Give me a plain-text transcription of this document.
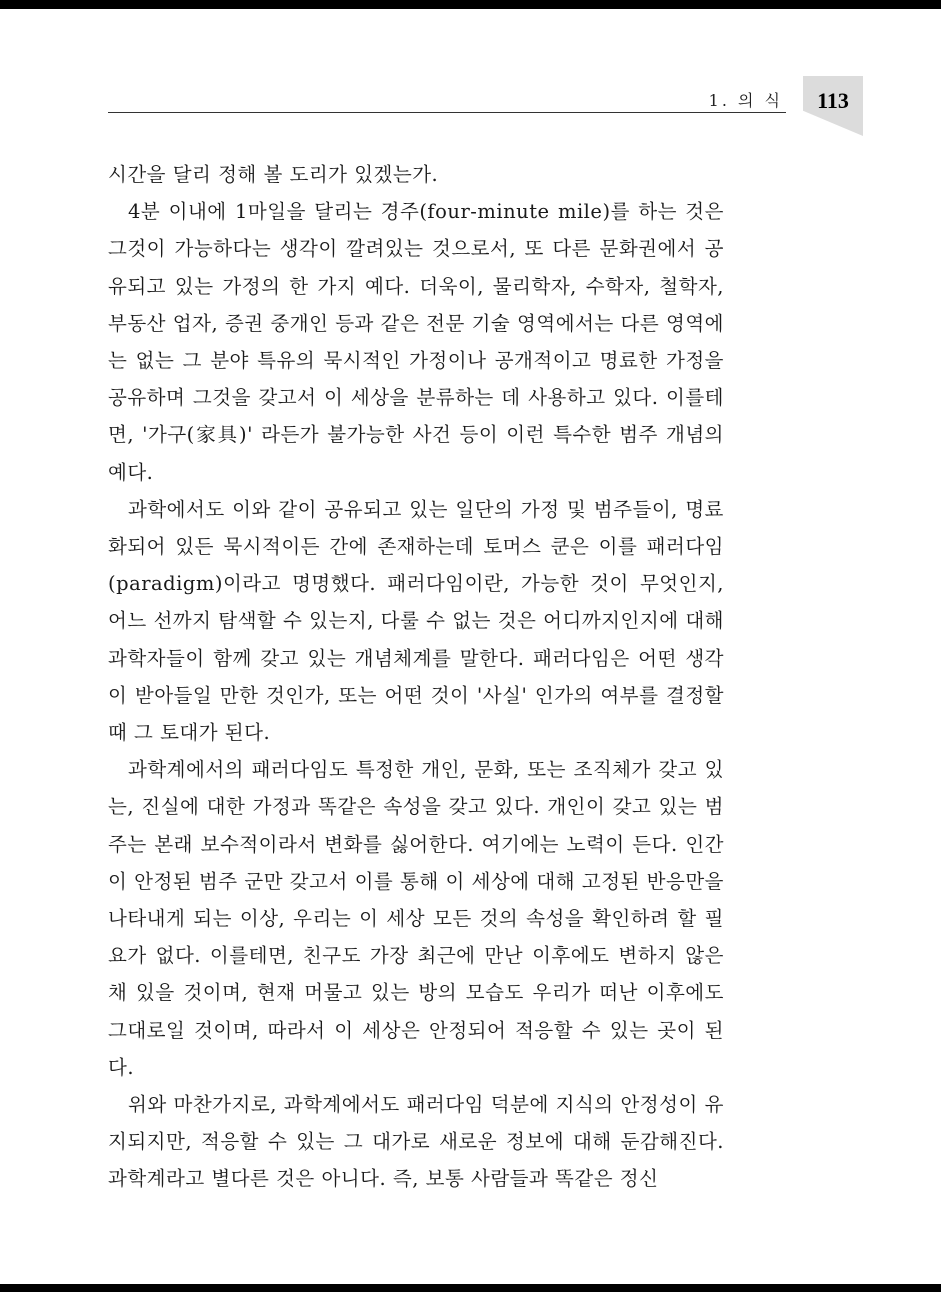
1. 의 식	113

시간을 달리 정해 볼 도리가 있겠는가.

4분 이내에 1마일을 달리는 경주(four-minute mile)를 하는 것은 그것이 가능하다는 생각이 깔려있는 것으로서, 또 다른 문화권에서 공유되고 있는 가정의 한 가지 예다. 더욱이, 물리학자, 수학자, 철학자, 부동산 업자, 증권 중개인 등과 같은 전문 기술 영역에서는 다른 영역에는 없는 그 분야 특유의 묵시적인 가정이나 공개적이고 명료한 가정을 공유하며 그것을 갖고서 이 세상을 분류하는 데 사용하고 있다. 이를테면, '가구(家具)' 라든가 불가능한 사건 등이 이런 특수한 범주 개념의 예다.

과학에서도 이와 같이 공유되고 있는 일단의 가정 및 범주들이, 명료화되어 있든 묵시적이든 간에 존재하는데 토머스 쿤은 이를 패러다임(paradigm)이라고 명명했다. 패러다임이란, 가능한 것이 무엇인지, 어느 선까지 탐색할 수 있는지, 다룰 수 없는 것은 어디까지인지에 대해 과학자들이 함께 갖고 있는 개념체계를 말한다. 패러다임은 어떤 생각이 받아들일 만한 것인가, 또는 어떤 것이 '사실' 인가의 여부를 결정할 때 그 토대가 된다.

과학계에서의 패러다임도 특정한 개인, 문화, 또는 조직체가 갖고 있는, 진실에 대한 가정과 똑같은 속성을 갖고 있다. 개인이 갖고 있는 범주는 본래 보수적이라서 변화를 싫어한다. 여기에는 노력이 든다. 인간이 안정된 범주 군만 갖고서 이를 통해 이 세상에 대해 고정된 반응만을 나타내게 되는 이상, 우리는 이 세상 모든 것의 속성을 확인하려 할 필요가 없다. 이를테면, 친구도 가장 최근에 만난 이후에도 변하지 않은 채 있을 것이며, 현재 머물고 있는 방의 모습도 우리가 떠난 이후에도 그대로일 것이며, 따라서 이 세상은 안정되어 적응할 수 있는 곳이 된다.

위와 마찬가지로, 과학계에서도 패러다임 덕분에 지식의 안정성이 유지되지만, 적응할 수 있는 그 대가로 새로운 정보에 대해 둔감해진다. 과학계라고 별다른 것은 아니다. 즉, 보통 사람들과 똑같은 정신
